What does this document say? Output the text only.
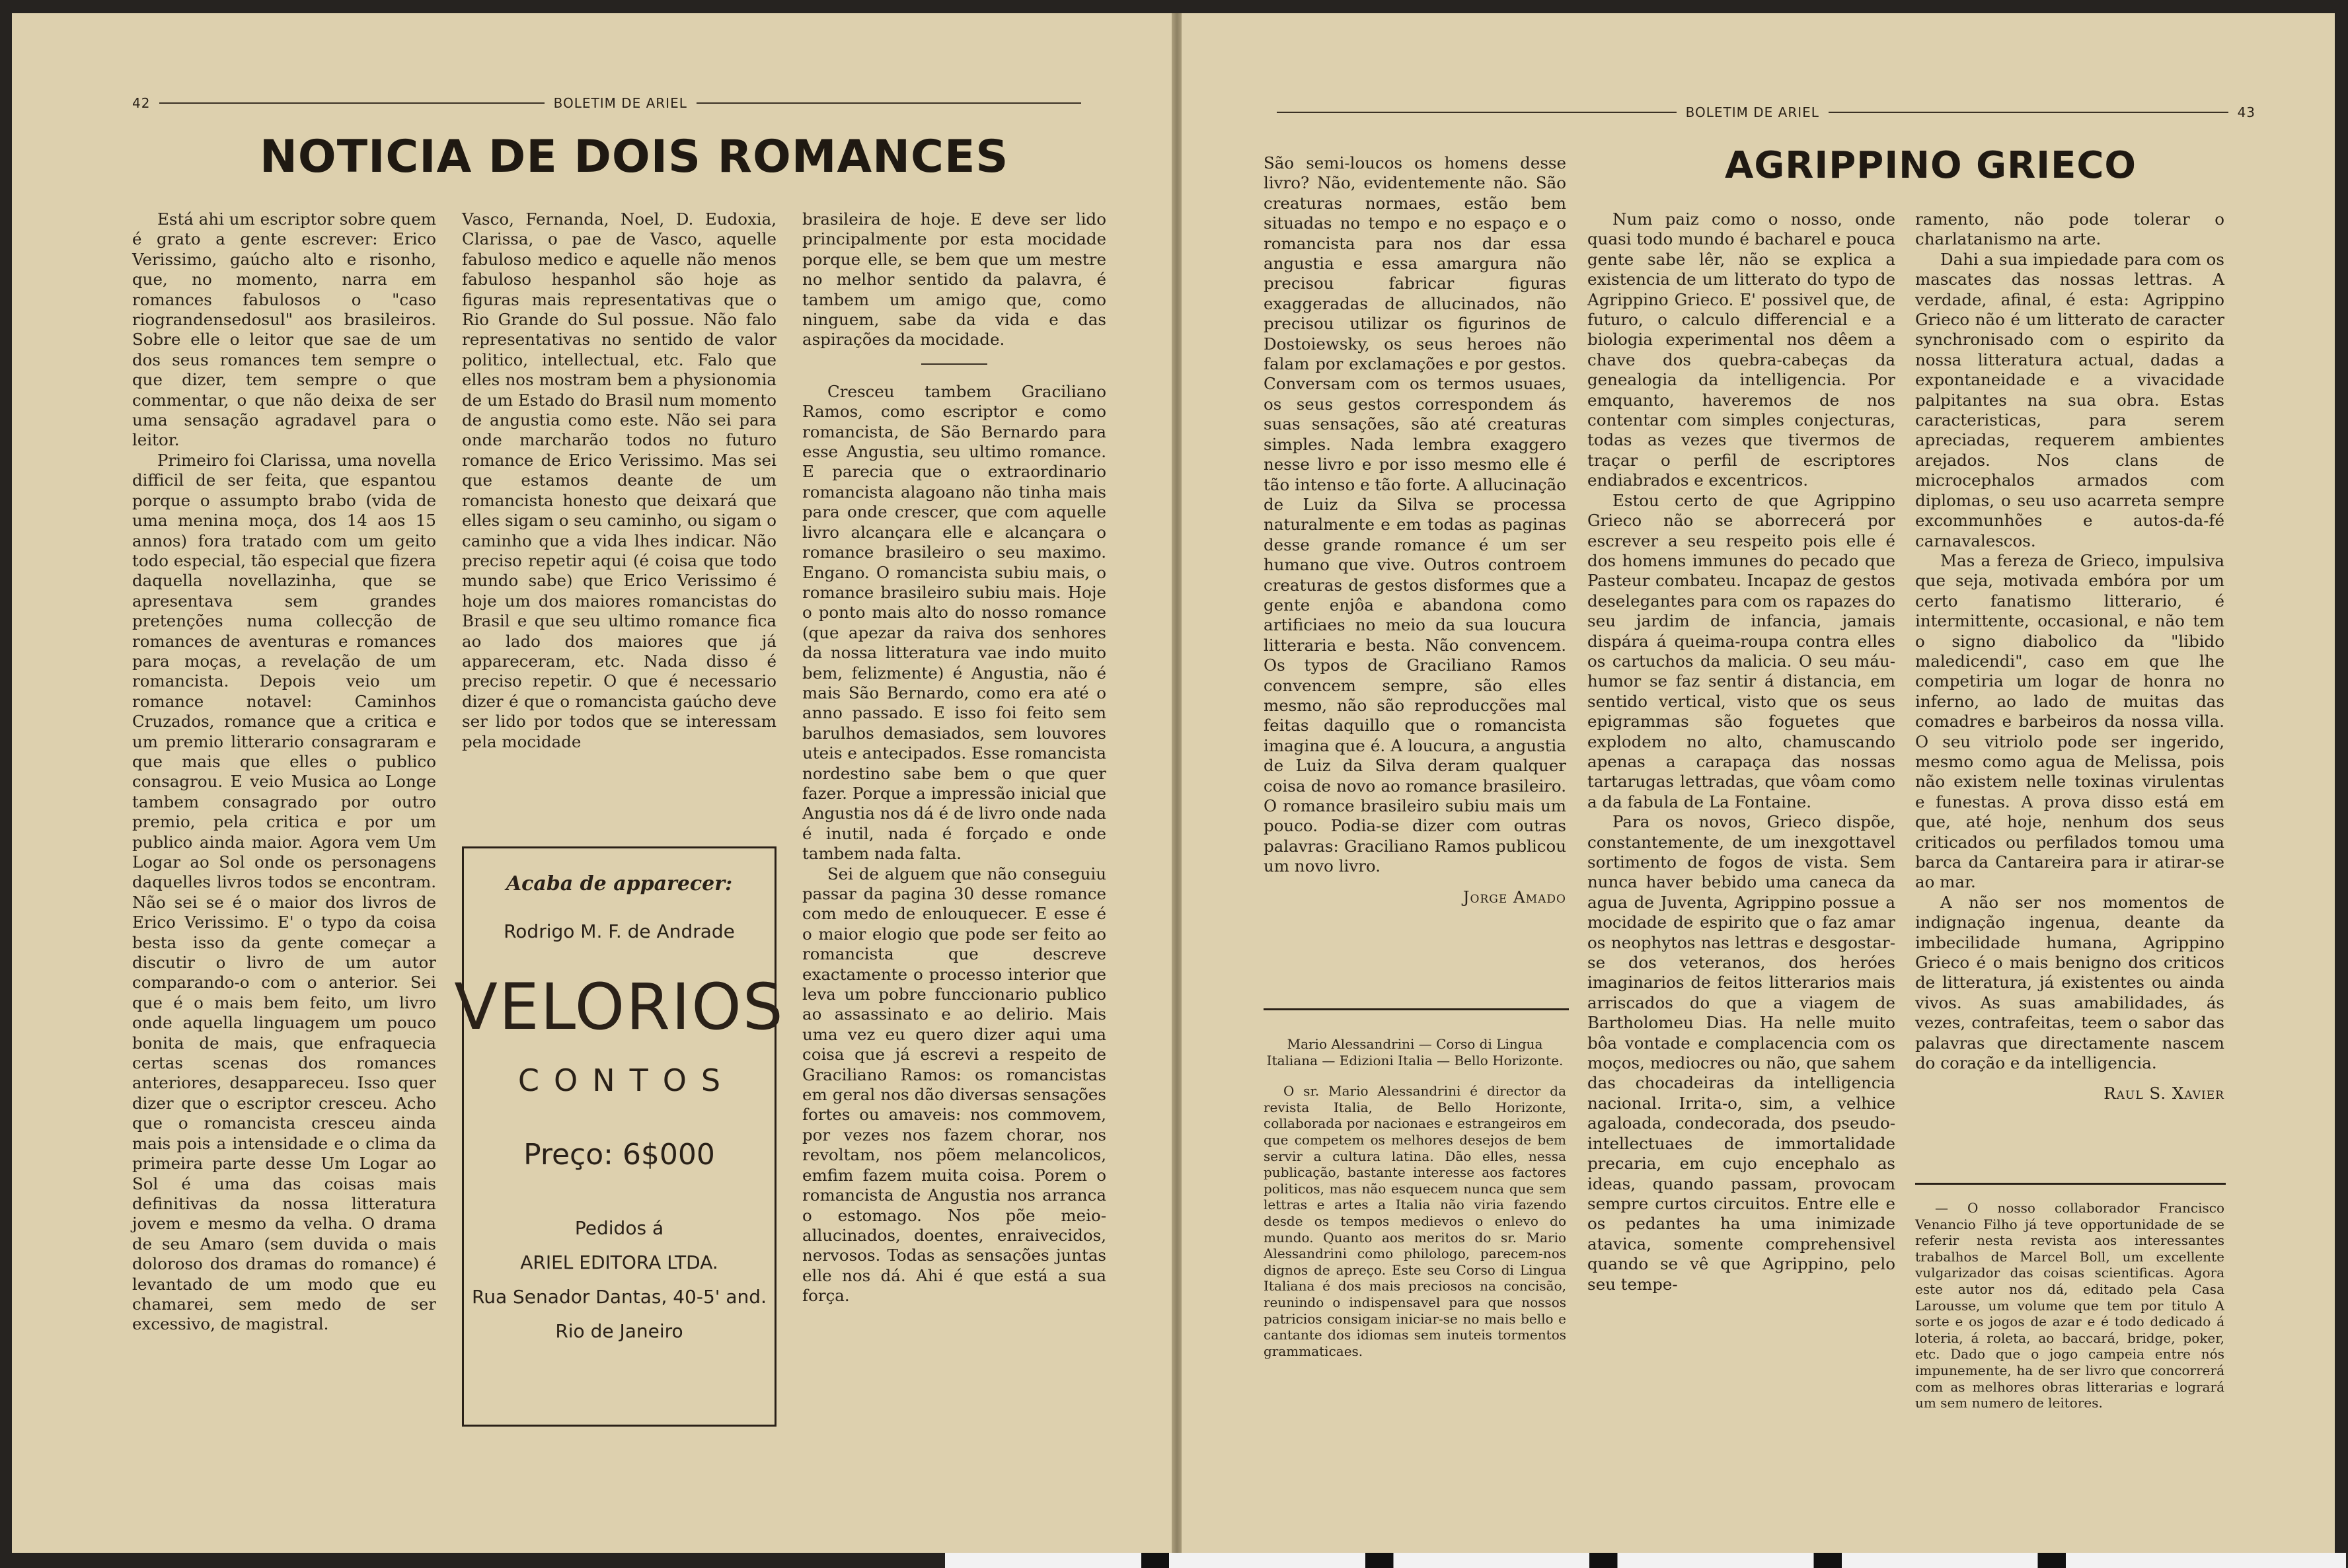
42	BOLETIM DE ARIEL
NOTICIA DE DOIS ROMANCES

Está ahi um escriptor sobre quem é grato a gente escrever: Erico Verissimo, gaúcho alto e risonho, que, no momento, narra em romances fabulosos o "caso riograndensedosul" aos brasileiros. Sobre elle o leitor que sae de um dos seus romances tem sempre o que dizer, tem sempre o que commentar, o que não deixa de ser uma sensação agradavel para o leitor.

Primeiro foi Clarissa, uma novella difficil de ser feita, que espantou porque o assumpto brabo (vida de uma menina moça, dos 14 aos 15 annos) fora tratado com um geito todo especial, tão especial que fizera daquella novellazinha, que se apresentava sem grandes pretenções numa collecção de romances de aventuras e romances para moças, a revelação de um romancista. Depois veio um romance notavel: Caminhos Cruzados, romance que a critica e um premio litterario consagraram e que mais que elles o publico consagrou. E veio Musica ao Longe tambem consagrado por outro premio, pela critica e por um publico ainda maior. Agora vem Um Logar ao Sol onde os personagens daquelles livros todos se encontram. Não sei se é o maior dos livros de Erico Verissimo. E' o typo da coisa besta isso da gente começar a discutir o livro de um autor comparando-o com o anterior. Sei que é o mais bem feito, um livro onde aquella linguagem um pouco bonita de mais, que enfraquecia certas scenas dos romances anteriores, desappareceu. Isso quer dizer que o escriptor cresceu. Acho que o romancista cresceu ainda mais pois a intensidade e o clima da primeira parte desse Um Logar ao Sol é uma das coisas mais definitivas da nossa litteratura jovem e mesmo da velha. O drama de seu Amaro (sem duvida o mais doloroso dos dramas do romance) é levantado de um modo que eu chamarei, sem medo de ser excessivo, de magistral.

Vasco, Fernanda, Noel, D. Eudoxia, Clarissa, o pae de Vasco, aquelle fabuloso medico e aquelle não menos fabuloso hespanhol são hoje as figuras mais representativas que o Rio Grande do Sul possue. Não falo representativas no sentido de valor politico, intellectual, etc. Falo que elles nos mostram bem a physionomia de um Estado do Brasil num momento de angustia como este. Não sei para onde marcharão todos no futuro romance de Erico Verissimo. Mas sei que estamos deante de um romancista honesto que deixará que elles sigam o seu caminho, ou sigam o caminho que a vida lhes indicar. Não preciso repetir aqui (é coisa que todo mundo sabe) que Erico Verissimo é hoje um dos maiores romancistas do Brasil e que seu ultimo romance fica ao lado dos maiores que já appareceram, etc. Nada disso é preciso repetir. O que é necessario dizer é que o romancista gaúcho deve ser lido por todos que se interessam pela mocidade

Acaba de apparecer:
Rodrigo M. F. de Andrade
VELORIOS
CONTOS
Preço: 6$000
Pedidos á
ARIEL EDITORA LTDA.
Rua Senador Dantas, 40-5' and.
Rio de Janeiro

brasileira de hoje. E deve ser lido principalmente por esta mocidade porque elle, se bem que um mestre no melhor sentido da palavra, é tambem um amigo que, como ninguem, sabe da vida e das aspirações da mocidade.

Cresceu tambem Graciliano Ramos, como escriptor e como romancista, de São Bernardo para esse Angustia, seu ultimo romance. E parecia que o extraordinario romancista alagoano não tinha mais para onde crescer, que com aquelle livro alcançara elle e alcançara o romance brasileiro o seu maximo. Engano. O romancista subiu mais, o romance brasileiro subiu mais. Hoje o ponto mais alto do nosso romance (que apezar da raiva dos senhores da nossa litteratura vae indo muito bem, felizmente) é Angustia, não é mais São Bernardo, como era até o anno passado. E isso foi feito sem barulhos demasiados, sem louvores uteis e antecipados. Esse romancista nordestino sabe bem o que quer fazer. Porque a impressão inicial que Angustia nos dá é de livro onde nada é inutil, nada é forçado e onde tambem nada falta.

Sei de alguem que não conseguiu passar da pagina 30 desse romance com medo de enlouquecer. E esse é o maior elogio que pode ser feito ao romancista que descreve exactamente o processo interior que leva um pobre funccionario publico ao assassinato e ao delirio. Mais uma vez eu quero dizer aqui uma coisa que já escrevi a respeito de Graciliano Ramos: os romancistas em geral nos dão diversas sensações fortes ou amaveis: nos commovem, por vezes nos fazem chorar, nos revoltam, nos põem melancolicos, emfim fazem muita coisa. Porem o romancista de Angustia nos arranca o estomago. Nos põe meio-allucinados, doentes, enraivecidos, nervosos. Todas as sensações juntas elle nos dá. Ahi é que está a sua força.

BOLETIM DE ARIEL	43

São semi-loucos os homens desse livro? Não, evidentemente não. São creaturas normaes, estão bem situadas no tempo e no espaço e o romancista para nos dar essa angustia e essa amargura não precisou fabricar figuras exaggeradas de allucinados, não precisou utilizar os figurinos de Dostoiewsky, os seus heroes não falam por exclamações e por gestos. Conversam com os termos usuaes, os seus gestos correspondem ás suas sensações, são até creaturas simples. Nada lembra exaggero nesse livro e por isso mesmo elle é tão intenso e tão forte. A allucinação de Luiz da Silva se processa naturalmente e em todas as paginas desse grande romance é um ser humano que vive. Outros controem creaturas de gestos disformes que a gente enjôa e abandona como artificiaes no meio da sua loucura litteraria e besta. Não convencem. Os typos de Graciliano Ramos convencem sempre, são elles mesmo, não são reproducções mal feitas daquillo que o romancista imagina que é. A loucura, a angustia de Luiz da Silva deram qualquer coisa de novo ao romance brasileiro. O romance brasileiro subiu mais um pouco. Podia-se dizer com outras palavras: Graciliano Ramos publicou um novo livro.

Jorge Amado

Mario Alessandrini — Corso di Lingua Italiana — Edizioni Italia — Bello Horizonte.

O sr. Mario Alessandrini é director da revista Italia, de Bello Horizonte, collaborada por nacionaes e estrangeiros em que competem os melhores desejos de bem servir a cultura latina. Dão elles, nessa publicação, bastante interesse aos factores politicos, mas não esquecem nunca que sem lettras e artes a Italia não viria fazendo desde os tempos medievos o enlevo do mundo. Quanto aos meritos do sr. Mario Alessandrini como philologo, parecem-nos dignos de apreço. Este seu Corso di Lingua Italiana é dos mais preciosos na concisão, reunindo o indispensavel para que nossos patricios consigam iniciar-se no mais bello e cantante dos idiomas sem inuteis tormentos grammaticaes.

AGRIPPINO GRIECO

Num paiz como o nosso, onde quasi todo mundo é bacharel e pouca gente sabe lêr, não se explica a existencia de um litterato do typo de Agrippino Grieco. E' possivel que, de futuro, o calculo differencial e a biologia experimental nos dêem a chave dos quebra-cabeças da genealogia da intelligencia. Por emquanto, haveremos de nos contentar com simples conjecturas, todas as vezes que tivermos de traçar o perfil de escriptores endiabrados e excentricos.

Estou certo de que Agrippino Grieco não se aborrecerá por escrever a seu respeito pois elle é dos homens immunes do pecado que Pasteur combateu. Incapaz de gestos deselegantes para com os rapazes do seu jardim de infancia, jamais dispára á queima-roupa contra elles os cartuchos da malicia. O seu máu-humor se faz sentir á distancia, em sentido vertical, visto que os seus epigrammas são foguetes que explodem no alto, chamuscando apenas a carapaça das nossas tartarugas lettradas, que vôam como a da fabula de La Fontaine.

Para os novos, Grieco dispõe, constantemente, de um inexgottavel sortimento de fogos de vista. Sem nunca haver bebido uma caneca da agua de Juventa, Agrippino possue a mocidade de espirito que o faz amar os neophytos nas lettras e desgostar-se dos veteranos, dos heróes imaginarios de feitos litterarios mais arriscados do que a viagem de Bartholomeu Dias. Ha nelle muito bôa vontade e complacencia com os moços, mediocres ou não, que sahem das chocadeiras da intelligencia nacional. Irrita-o, sim, a velhice agaloada, condecorada, dos pseudo-intellectuaes de immortalidade precaria, em cujo encephalo as ideas, quando passam, provocam sempre curtos circuitos. Entre elle e os pedantes ha uma inimizade atavica, somente comprehensivel quando se vê que Agrippino, pelo seu tempe-

ramento, não pode tolerar o charlatanismo na arte.

Dahi a sua impiedade para com os mascates das nossas lettras. A verdade, afinal, é esta: Agrippino Grieco não é um litterato de caracter synchronisado com o espirito da nossa litteratura actual, dadas a expontaneidade e a vivacidade palpitantes na sua obra. Estas caracteristicas, para serem apreciadas, requerem ambientes arejados. Nos clans de microcephalos armados com diplomas, o seu uso acarreta sempre excommunhões e autos-da-fé carnavalescos.

Mas a fereza de Grieco, impulsiva que seja, motivada embóra por um certo fanatismo litterario, é intermittente, occasional, e não tem o signo diabolico da "libido maledicendi", caso em que lhe competiria um logar de honra no inferno, ao lado de muitas das comadres e barbeiros da nossa villa. O seu vitriolo pode ser ingerido, mesmo como agua de Melissa, pois não existem nelle toxinas virulentas e funestas. A prova disso está em que, até hoje, nenhum dos seus criticados ou perfilados tomou uma barca da Cantareira para ir atirar-se ao mar.

A não ser nos momentos de indignação ingenua, deante da imbecilidade humana, Agrippino Grieco é o mais benigno dos criticos de litteratura, já existentes ou ainda vivos. As suas amabilidades, ás vezes, contrafeitas, teem o sabor das palavras que directamente nascem do coração e da intelligencia.

Raul S. Xavier

— O nosso collaborador Francisco Venancio Filho já teve opportunidade de se referir nesta revista aos interessantes trabalhos de Marcel Boll, um excellente vulgarizador das coisas scientificas. Agora este autor nos dá, editado pela Casa Larousse, um volume que tem por titulo A sorte e os jogos de azar e é todo dedicado á loteria, á roleta, ao baccará, bridge, poker, etc. Dado que o jogo campeia entre nós impunemente, ha de ser livro que concorrerá com as melhores obras litterarias e logrará um sem numero de leitores.
